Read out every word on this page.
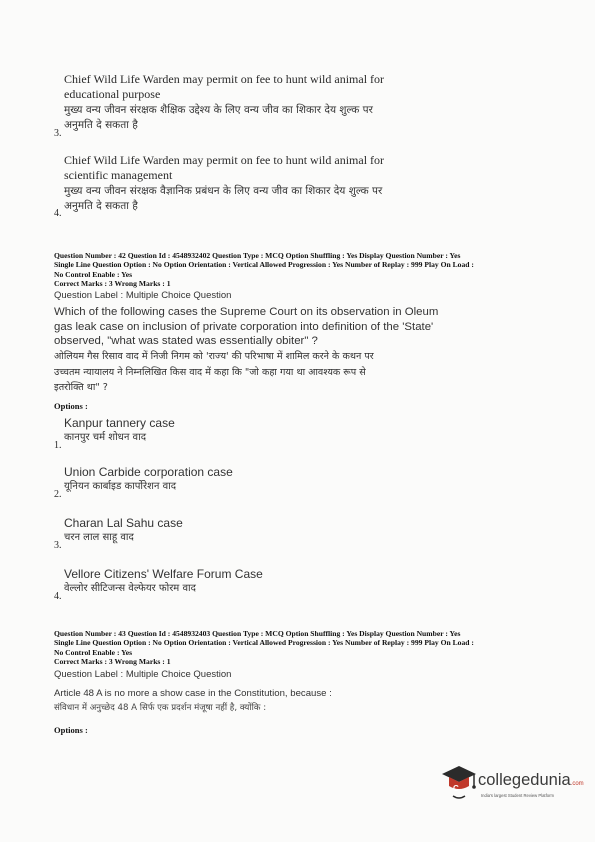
Chief Wild Life Warden may permit on fee to hunt wild animal for
educational purpose
मुख्य वन्य जीवन संरक्षक शैक्षिक उद्देश्य के लिए वन्य जीव का शिकार देय शुल्क पर
अनुमति दे सकता है
3.
Chief Wild Life Warden may permit on fee to hunt wild animal for
scientific management
मुख्य वन्य जीवन संरक्षक वैज्ञानिक प्रबंधन के लिए वन्य जीव का शिकार देय शुल्क पर
अनुमति दे सकता है
4.
Question Number : 42 Question Id : 4548932402 Question Type : MCQ Option Shuffling : Yes Display Question Number : Yes
Single Line Question Option : No Option Orientation : Vertical Allowed Progression : Yes Number of Replay : 999 Play On Load :
No Control Enable : Yes
Correct Marks : 3 Wrong Marks : 1
Question Label : Multiple Choice Question
Which of the following cases the Supreme Court on its observation in Oleum
gas leak case on inclusion of private corporation into definition of the 'State'
observed, "what was stated was essentially obiter" ?
ओलियम गैस रिसाव वाद में निजी निगम को 'राज्य' की परिभाषा में शामिल करने के कथन पर
उच्चतम न्यायालय ने निम्नलिखित किस वाद में कहा कि "जो कहा गया था आवश्यक रूप से
इतरोक्ति था" ?
Options :
Kanpur tannery case
कानपुर चर्म शोधन वाद
1.
Union Carbide corporation case
यूनियन कार्बाइड कार्पोरेशन वाद
2.
Charan Lal Sahu case
चरन लाल साहू वाद
3.
Vellore Citizens' Welfare Forum Case
वेल्लोर सीटिजन्स वेल्फेयर फोरम वाद
4.
Question Number : 43 Question Id : 4548932403 Question Type : MCQ Option Shuffling : Yes Display Question Number : Yes
Single Line Question Option : No Option Orientation : Vertical Allowed Progression : Yes Number of Replay : 999 Play On Load :
No Control Enable : Yes
Correct Marks : 3 Wrong Marks : 1
Question Label : Multiple Choice Question
Article 48 A is no more a show case in the Constitution, because :
संविधान में अनुच्छेद 48 A सिर्फ एक प्रदर्शन मंजूषा नहीं है, क्योंकि :
Options :
C collegedunia.com
India's largest Student Review Platform
